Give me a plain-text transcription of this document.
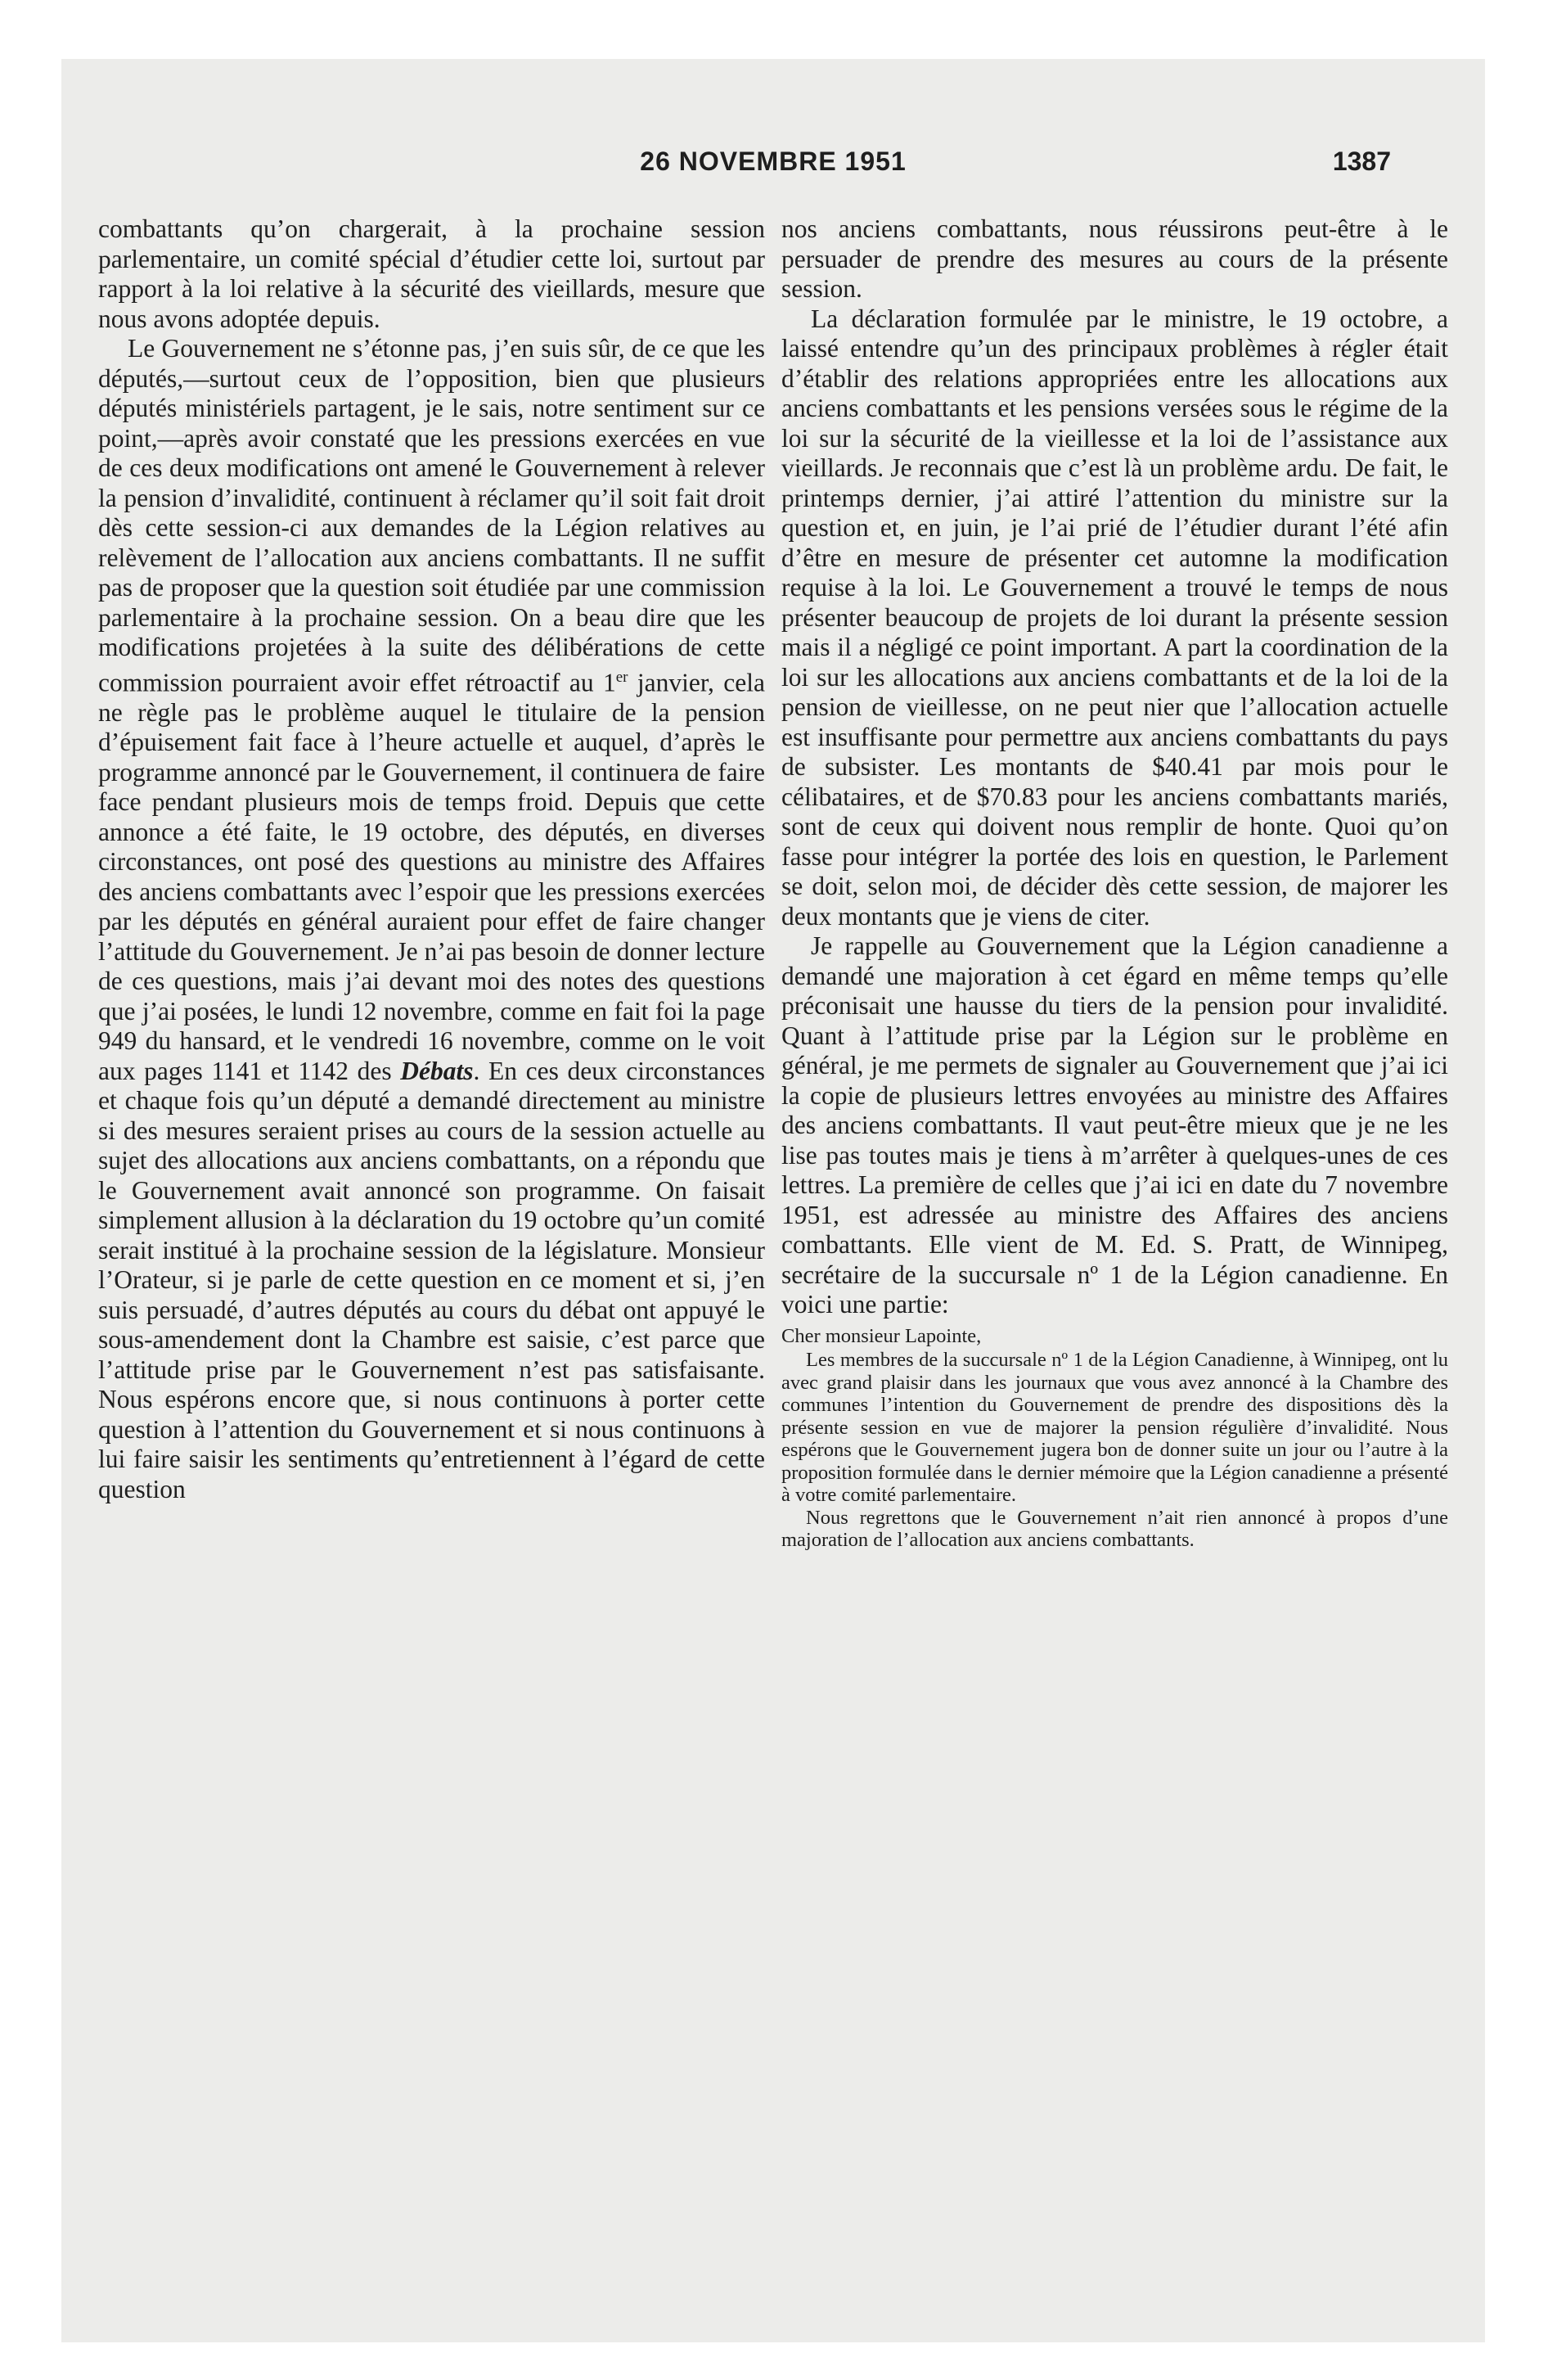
26 NOVEMBRE 1951	1387

combattants qu’on chargerait, à la prochaine session parlementaire, un comité spécial d’étudier cette loi, surtout par rapport à la loi relative à la sécurité des vieillards, mesure que nous avons adoptée depuis.

Le Gouvernement ne s’étonne pas, j’en suis sûr, de ce que les députés,—surtout ceux de l’opposition, bien que plusieurs députés ministériels partagent, je le sais, notre sentiment sur ce point,—après avoir constaté que les pressions exercées en vue de ces deux modifications ont amené le Gouvernement à relever la pension d’invalidité, continuent à réclamer qu’il soit fait droit dès cette session-ci aux demandes de la Légion relatives au relèvement de l’allocation aux anciens combattants. Il ne suffit pas de proposer que la question soit étudiée par une commission parlementaire à la prochaine session. On a beau dire que les modifications projetées à la suite des délibérations de cette commission pourraient avoir effet rétroactif au 1er janvier, cela ne règle pas le problème auquel le titulaire de la pension d’épuisement fait face à l’heure actuelle et auquel, d’après le programme annoncé par le Gouvernement, il continuera de faire face pendant plusieurs mois de temps froid. Depuis que cette annonce a été faite, le 19 octobre, des députés, en diverses circonstances, ont posé des questions au ministre des Affaires des anciens combattants avec l’espoir que les pressions exercées par les députés en général auraient pour effet de faire changer l’attitude du Gouvernement. Je n’ai pas besoin de donner lecture de ces questions, mais j’ai devant moi des notes des questions que j’ai posées, le lundi 12 novembre, comme en fait foi la page 949 du hansard, et le vendredi 16 novembre, comme on le voit aux pages 1141 et 1142 des Débats. En ces deux circonstances et chaque fois qu’un député a demandé directement au ministre si des mesures seraient prises au cours de la session actuelle au sujet des allocations aux anciens combattants, on a répondu que le Gouvernement avait annoncé son programme. On faisait simplement allusion à la déclaration du 19 octobre qu’un comité serait institué à la prochaine session de la législature. Monsieur l’Orateur, si je parle de cette question en ce moment et si, j’en suis persuadé, d’autres députés au cours du débat ont appuyé le sous-amendement dont la Chambre est saisie, c’est parce que l’attitude prise par le Gouvernement n’est pas satisfaisante. Nous espérons encore que, si nous continuons à porter cette question à l’attention du Gouvernement et si nous continuons à lui faire saisir les sentiments qu’entretiennent à l’égard de cette question

nos anciens combattants, nous réussirons peut-être à le persuader de prendre des mesures au cours de la présente session.

La déclaration formulée par le ministre, le 19 octobre, a laissé entendre qu’un des principaux problèmes à régler était d’établir des relations appropriées entre les allocations aux anciens combattants et les pensions versées sous le régime de la loi sur la sécurité de la vieillesse et la loi de l’assistance aux vieillards. Je reconnais que c’est là un problème ardu. De fait, le printemps dernier, j’ai attiré l’attention du ministre sur la question et, en juin, je l’ai prié de l’étudier durant l’été afin d’être en mesure de présenter cet automne la modification requise à la loi. Le Gouvernement a trouvé le temps de nous présenter beaucoup de projets de loi durant la présente session mais il a négligé ce point important. A part la coordination de la loi sur les allocations aux anciens combattants et de la loi de la pension de vieillesse, on ne peut nier que l’allocation actuelle est insuffisante pour permettre aux anciens combattants du pays de subsister. Les montants de $40.41 par mois pour le célibataires, et de $70.83 pour les anciens combattants mariés, sont de ceux qui doivent nous remplir de honte. Quoi qu’on fasse pour intégrer la portée des lois en question, le Parlement se doit, selon moi, de décider dès cette session, de majorer les deux montants que je viens de citer.

Je rappelle au Gouvernement que la Légion canadienne a demandé une majoration à cet égard en même temps qu’elle préconisait une hausse du tiers de la pension pour invalidité. Quant à l’attitude prise par la Légion sur le problème en général, je me permets de signaler au Gouvernement que j’ai ici la copie de plusieurs lettres envoyées au ministre des Affaires des anciens combattants. Il vaut peut-être mieux que je ne les lise pas toutes mais je tiens à m’arrêter à quelques-unes de ces lettres. La première de celles que j’ai ici en date du 7 novembre 1951, est adressée au ministre des Affaires des anciens combattants. Elle vient de M. Ed. S. Pratt, de Winnipeg, secrétaire de la succursale nº 1 de la Légion canadienne. En voici une partie:

Cher monsieur Lapointe,

Les membres de la succursale nº 1 de la Légion Canadienne, à Winnipeg, ont lu avec grand plaisir dans les journaux que vous avez annoncé à la Chambre des communes l’intention du Gouvernement de prendre des dispositions dès la présente session en vue de majorer la pension régulière d’invalidité. Nous espérons que le Gouvernement jugera bon de donner suite un jour ou l’autre à la proposition formulée dans le dernier mémoire que la Légion canadienne a présenté à votre comité parlementaire.

Nous regrettons que le Gouvernement n’ait rien annoncé à propos d’une majoration de l’allocation aux anciens combattants.
